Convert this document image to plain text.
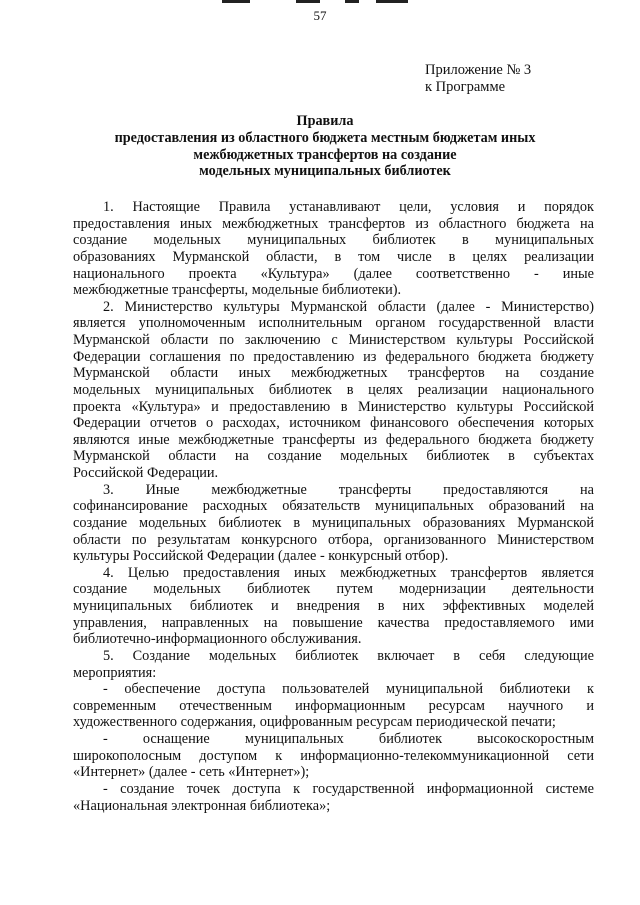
57
Приложение № 3
к Программе
Правила
предоставления из областного бюджета местным бюджетам иных
межбюджетных трансфертов на создание
модельных муниципальных библиотек
1. Настоящие Правила устанавливают цели, условия и порядок
предоставления иных межбюджетных трансфертов из областного бюджета на
создание модельных муниципальных библиотек в муниципальных
образованиях Мурманской области, в том числе в целях реализации
национального проекта «Культура» (далее соответственно - иные
межбюджетные трансферты, модельные библиотеки).
2. Министерство культуры Мурманской области (далее - Министерство)
является уполномоченным исполнительным органом государственной власти
Мурманской области по заключению с Министерством культуры Российской
Федерации соглашения по предоставлению из федерального бюджета бюджету
Мурманской области иных межбюджетных трансфертов на создание
модельных муниципальных библиотек в целях реализации национального
проекта «Культура» и предоставлению в Министерство культуры Российской
Федерации отчетов о расходах, источником финансового обеспечения которых
являются иные межбюджетные трансферты из федерального бюджета бюджету
Мурманской области на создание модельных библиотек в субъектах
Российской Федерации.
3. Иные межбюджетные трансферты предоставляются на
софинансирование расходных обязательств муниципальных образований на
создание модельных библиотек в муниципальных образованиях Мурманской
области по результатам конкурсного отбора, организованного Министерством
культуры Российской Федерации (далее - конкурсный отбор).
4. Целью предоставления иных межбюджетных трансфертов является
создание модельных библиотек путем модернизации деятельности
муниципальных библиотек и внедрения в них эффективных моделей
управления, направленных на повышение качества предоставляемого ими
библиотечно-информационного обслуживания.
5. Создание модельных библиотек включает в себя следующие
мероприятия:
- обеспечение доступа пользователей муниципальной библиотеки к
современным отечественным информационным ресурсам научного и
художественного содержания, оцифрованным ресурсам периодической печати;
- оснащение муниципальных библиотек высокоскоростным
широкополосным доступом к информационно-телекоммуникационной сети
«Интернет» (далее - сеть «Интернет»);
- создание точек доступа к государственной информационной системе
«Национальная электронная библиотека»;
